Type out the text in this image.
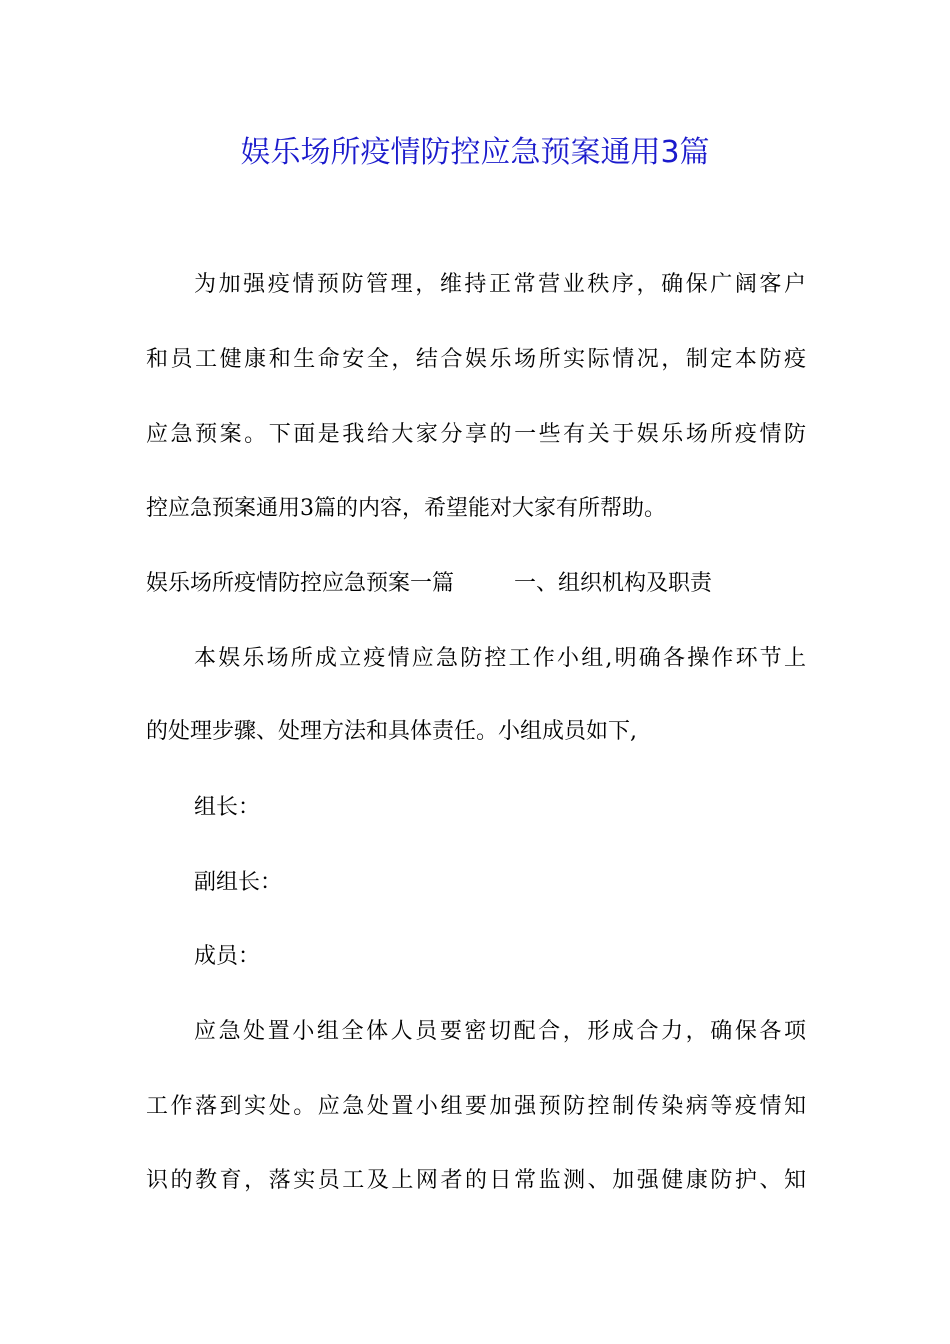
娱乐场所疫情防控应急预案通用3篇
为加强疫情预防管理，维持正常营业秩序，确保广阔客户
和员工健康和生命安全，结合娱乐场所实际情况，制定本防疫
应急预案。下面是我给大家分享的一些有关于娱乐场所疫情防
控应急预案通用3篇的内容，希望能对大家有所帮助。
娱乐场所疫情防控应急预案一篇	一、组织机构及职责
本娱乐场所成立疫情应急防控工作小组,明确各操作环节上
的处理步骤、处理方法和具体责任。小组成员如下,
组长：
副组长：
成员：
应急处置小组全体人员要密切配合，形成合力，确保各项
工作落到实处。应急处置小组要加强预防控制传染病等疫情知
识的教育，落实员工及上网者的日常监测、加强健康防护、知
